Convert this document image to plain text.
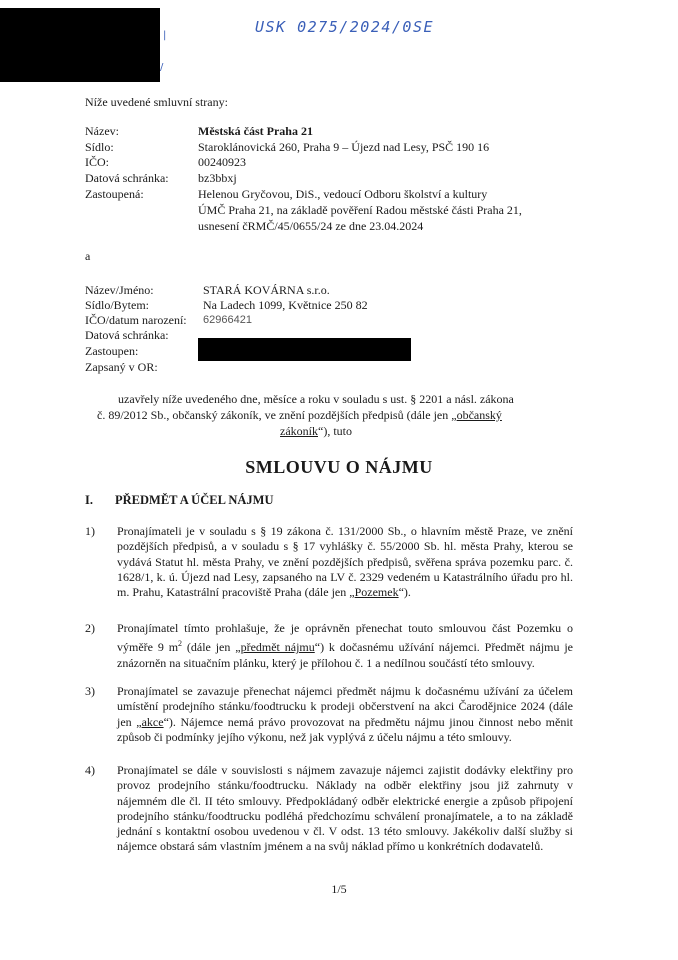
|
/
USK 0275/2024/0SE
Níže uvedené smluvní strany:
Název:	Městská část Praha 21
Sídlo:	Staroklánovická 260, Praha 9 – Újezd nad Lesy, PSČ 190 16
IČO:	00240923
Datová schránka: bz3bbxj
Zastoupená:	Helenou Gryčovou, DiS., vedoucí Odboru školství a kultury
ÚMČ Praha 21, na základě pověření Radou městské části Praha 21,
usnesení čRMČ/45/0655/24 ze dne 23.04.2024
a
Název/Jméno:	STARÁ KOVÁRNA s.r.o.
Sídlo/Bytem:	Na Ladech 1099, Květnice 250 82
IČO/datum narození: 62966421
Datová schránka:
Zastoupen:
Zapsaný v OR:
uzavřely níže uvedeného dne, měsíce a roku v souladu s ust. § 2201 a násl. zákona
č. 89/2012 Sb., občanský zákoník, ve znění pozdějších předpisů (dále jen „občanský
zákoník“), tuto
SMLOUVU O NÁJMU
I. PŘEDMĚT A ÚČEL NÁJMU
1) Pronajímateli je v souladu s § 19 zákona č. 131/2000 Sb., o hlavním městě Praze, ve znění pozdějších předpisů, a v souladu s § 17 vyhlášky č. 55/2000 Sb. hl. města Prahy, kterou se vydává Statut hl. města Prahy, ve znění pozdějších předpisů, svěřena správa pozemku parc. č. 1628/1, k. ú. Újezd nad Lesy, zapsaného na LV č. 2329 vedeném u Katastrálního úřadu pro hl. m. Prahu, Katastrální pracoviště Praha (dále jen „Pozemek“).
2) Pronajímatel tímto prohlašuje, že je oprávněn přenechat touto smlouvou část Pozemku o výměře 9 $m^2$ (dále jen „předmět nájmu“) k dočasnému užívání nájemci. Předmět nájmu je znázorněn na situačním plánku, který je přílohou č. 1 a nedílnou součástí této smlouvy.
3) Pronajímatel se zavazuje přenechat nájemci předmět nájmu k dočasnému užívání za účelem umístění prodejního stánku/foodtrucku k prodeji občerstvení na akci Čarodějnice 2024 (dále jen „akce“). Nájemce nemá právo provozovat na předmětu nájmu jinou činnost nebo měnit způsob či podmínky jejího výkonu, než jak vyplývá z účelu nájmu a této smlouvy.
4) Pronajímatel se dále v souvislosti s nájmem zavazuje nájemci zajistit dodávky elektřiny pro provoz prodejního stánku/foodtrucku. Náklady na odběr elektřiny jsou již zahrnuty v nájemném dle čl. II této smlouvy. Předpokládaný odběr elektrické energie a způsob připojení prodejního stánku/foodtrucku podléhá předchozímu schválení pronajímatele, a to na základě jednání s kontaktní osobou uvedenou v čl. V odst. 13 této smlouvy. Jakékoliv další služby si nájemce obstará sám vlastním jménem a na svůj náklad přímo u konkrétních dodavatelů.
1/5
